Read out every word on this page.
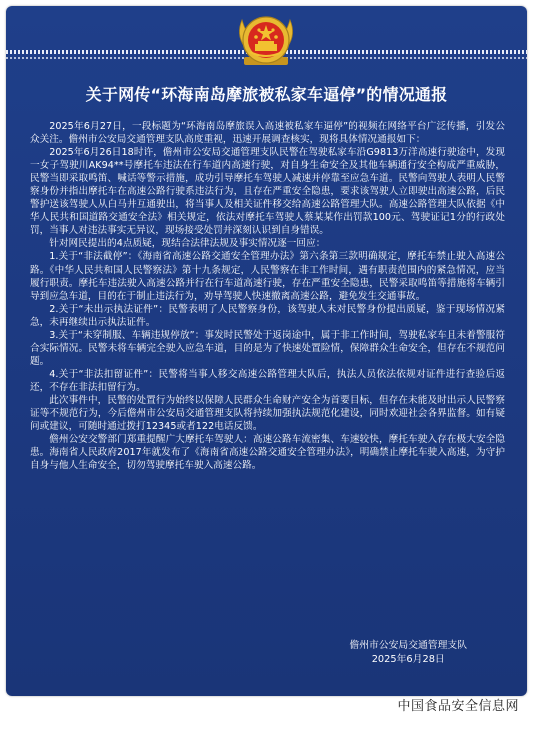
关于网传“环海南岛摩旅被私家车逼停”的情况通报

2025年6月27日，一段标题为“环海南岛摩旅误入高速被私家车逼停”的视频在网络平台广泛传播，引发公众关注。儋州市公安局交通管理支队高度重视，迅速开展调查核实，现将具体情况通报如下：

2025年6月26日18时许，儋州市公安局交通管理支队民警在驾驶私家车沿G9813万洋高速行驶途中，发现一女子驾驶川AK94**号摩托车违法在行车道内高速行驶，对自身生命安全及其他车辆通行安全构成严重威胁，民警当即采取鸣笛、喊话等警示措施，成功引导摩托车驾驶人减速并停靠至应急车道。民警向驾驶人表明人民警察身份并指出摩托车在高速公路行驶系违法行为，且存在严重安全隐患，要求该驾驶人立即驶出高速公路，后民警护送该驾驶人从白马井互通驶出，将当事人及相关证件移交给高速公路管理大队。高速公路管理大队依据《中华人民共和国道路交通安全法》相关规定，依法对摩托车驾驶人蔡某某作出罚款100元、驾驶证记1分的行政处罚，当事人对违法事实无异议，现场接受处罚并深刻认识到自身错误。

针对网民提出的4点质疑，现结合法律法规及事实情况逐一回应：

1.关于“非法截停”：《海南省高速公路交通安全管理办法》第六条第三款明确规定，摩托车禁止驶入高速公路。《中华人民共和国人民警察法》第十九条规定，人民警察在非工作时间，遇有职责范围内的紧急情况，应当履行职责。摩托车违法驶入高速公路并行在行车道高速行驶，存在严重安全隐患，民警采取鸣笛等措施将车辆引导到应急车道，目的在于制止违法行为，劝导驾驶人快速撤离高速公路，避免发生交通事故。

2.关于“未出示执法证件”：民警表明了人民警察身份，该驾驶人未对民警身份提出质疑，鉴于现场情况紧急，未再继续出示执法证件。

3.关于“未穿制服、车辆违规停放”：事发时民警处于返岗途中，属于非工作时间，驾驶私家车且未着警服符合实际情况。民警未将车辆完全驶入应急车道，目的是为了快速处置险情，保障群众生命安全，但存在不规范问题。

4.关于“非法扣留证件”：民警将当事人移交高速公路管理大队后，执法人员依法依规对证件进行查验后返还，不存在非法扣留行为。

此次事件中，民警的处置行为始终以保障人民群众生命财产安全为首要目标，但存在未能及时出示人民警察证等不规范行为，今后儋州市公安局交通管理支队将持续加强执法规范化建设，同时欢迎社会各界监督。如有疑问或建议，可随时通过拨打12345或者122电话反馈。

儋州公安交警部门郑重提醒广大摩托车驾驶人：高速公路车流密集、车速较快，摩托车驶入存在极大安全隐患。海南省人民政府2017年就发布了《海南省高速公路交通安全管理办法》，明确禁止摩托车驶入高速，为守护自身与他人生命安全，切勿驾驶摩托车驶入高速公路。

儋州市公安局交通管理支队
2025年6月28日
中国食品安全信息网
